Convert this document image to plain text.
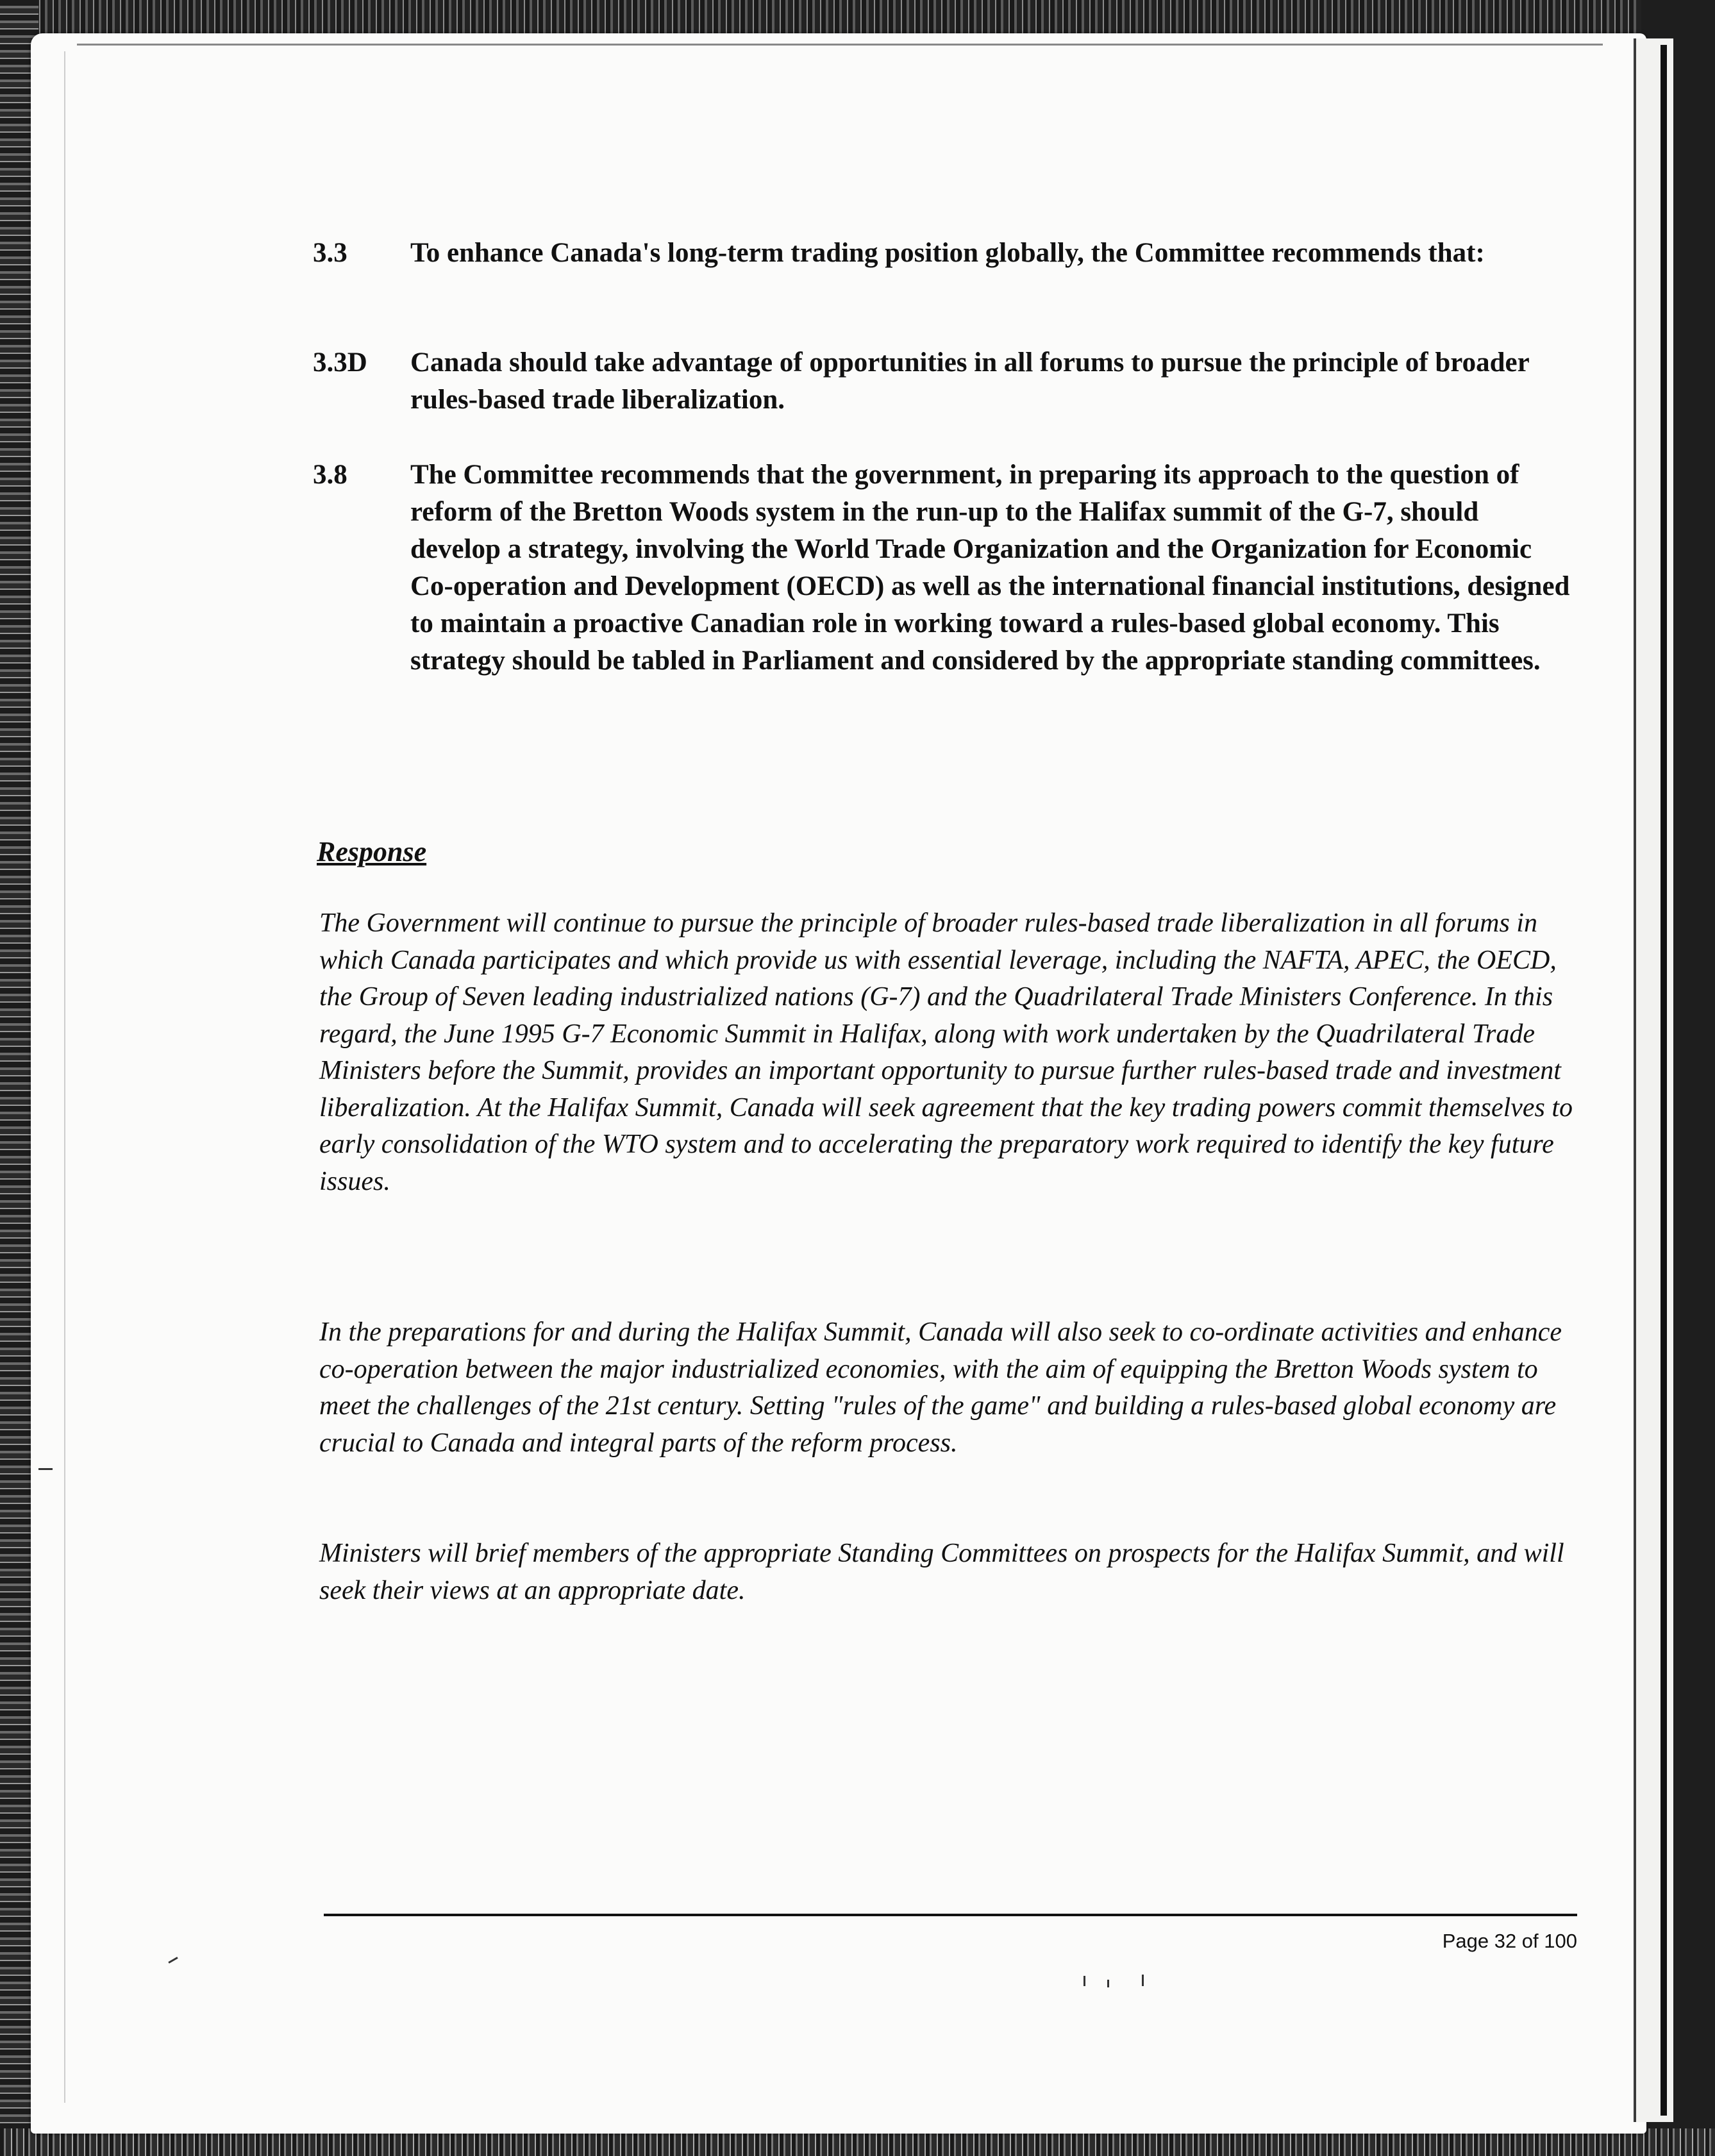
3.3	To enhance Canada's long-term trading position globally, the Committee recommends that:
3.3D	Canada should take advantage of opportunities in all forums to pursue the principle of broader rules-based trade liberalization.
3.8	The Committee recommends that the government, in preparing its approach to the question of reform of the Bretton Woods system in the run-up to the Halifax summit of the G-7, should develop a strategy, involving the World Trade Organization and the Organization for Economic Co-operation and Development (OECD) as well as the international financial institutions, designed to maintain a proactive Canadian role in working toward a rules-based global economy. This strategy should be tabled in Parliament and considered by the appropriate standing committees.
Response
The Government will continue to pursue the principle of broader rules-based trade liberalization in all forums in which Canada participates and which provide us with essential leverage, including the NAFTA, APEC, the OECD, the Group of Seven leading industrialized nations (G-7) and the Quadrilateral Trade Ministers Conference. In this regard, the June 1995 G-7 Economic Summit in Halifax, along with work undertaken by the Quadrilateral Trade Ministers before the Summit, provides an important opportunity to pursue further rules-based trade and investment liberalization. At the Halifax Summit, Canada will seek agreement that the key trading powers commit themselves to early consolidation of the WTO system and to accelerating the preparatory work required to identify the key future issues.
In the preparations for and during the Halifax Summit, Canada will also seek to co-ordinate activities and enhance co-operation between the major industrialized economies, with the aim of equipping the Bretton Woods system to meet the challenges of the 21st century. Setting "rules of the game" and building a rules-based global economy are crucial to Canada and integral parts of the reform process.
Ministers will brief members of the appropriate Standing Committees on prospects for the Halifax Summit, and will seek their views at an appropriate date.
Page 32 of 100
